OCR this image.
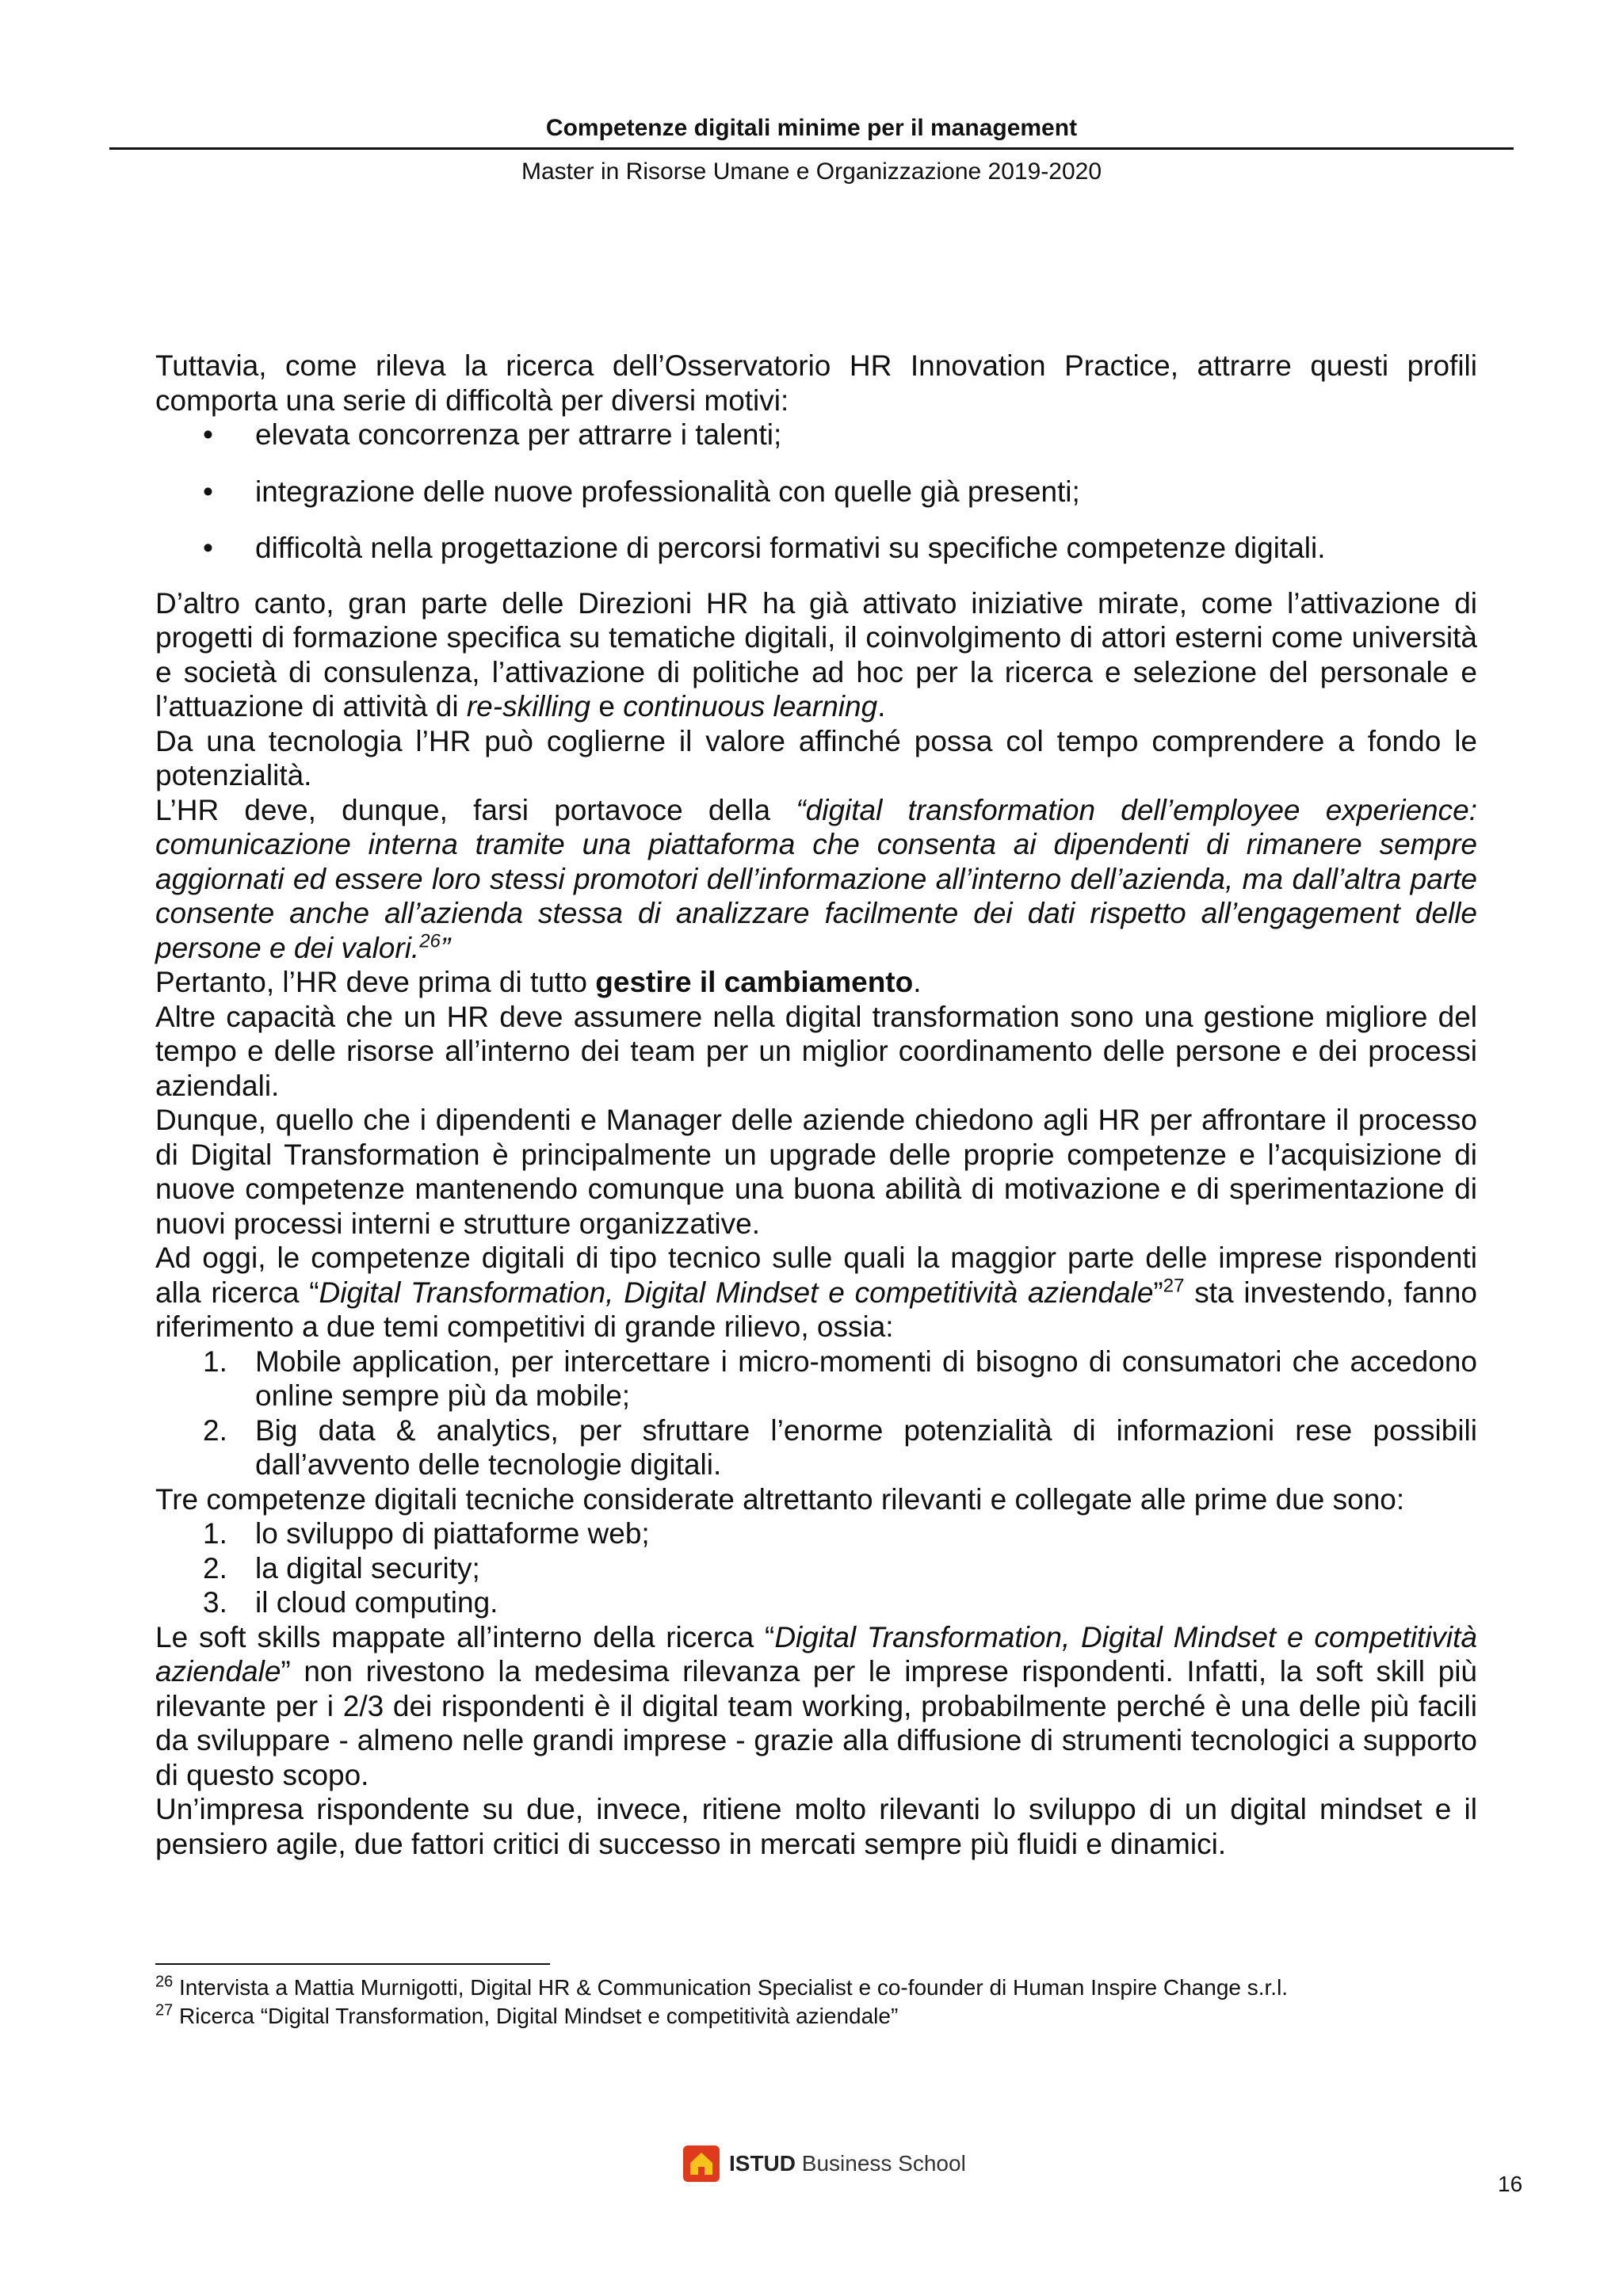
Competenze digitali minime per il management
Master in Risorse Umane e Organizzazione 2019-2020

Tuttavia, come rileva la ricerca dell’Osservatorio HR Innovation Practice, attrarre questi profili comporta una serie di difficoltà per diversi motivi:

• elevata concorrenza per attrarre i talenti;
• integrazione delle nuove professionalità con quelle già presenti;
• difficoltà nella progettazione di percorsi formativi su specifiche competenze digitali.

D’altro canto, gran parte delle Direzioni HR ha già attivato iniziative mirate, come l’attivazione di progetti di formazione specifica su tematiche digitali, il coinvolgimento di attori esterni come università e società di consulenza, l’attivazione di politiche ad hoc per la ricerca e selezione del personale e l’attuazione di attività di re-skilling e continuous learning.

Da una tecnologia l’HR può coglierne il valore affinché possa col tempo comprendere a fondo le potenzialità.

L’HR deve, dunque, farsi portavoce della “digital transformation dell’employee experience: comunicazione interna tramite una piattaforma che consenta ai dipendenti di rimanere sempre aggiornati ed essere loro stessi promotori dell’informazione all’interno dell’azienda, ma dall’altra parte consente anche all’azienda stessa di analizzare facilmente dei dati rispetto all’engagement delle persone e dei valori.$^{26}$”

Pertanto, l’HR deve prima di tutto gestire il cambiamento.

Altre capacità che un HR deve assumere nella digital transformation sono una gestione migliore del tempo e delle risorse all’interno dei team per un miglior coordinamento delle persone e dei processi aziendali.

Dunque, quello che i dipendenti e Manager delle aziende chiedono agli HR per affrontare il processo di Digital Transformation è principalmente un upgrade delle proprie competenze e l’acquisizione di nuove competenze mantenendo comunque una buona abilità di motivazione e di sperimentazione di nuovi processi interni e strutture organizzative.

Ad oggi, le competenze digitali di tipo tecnico sulle quali la maggior parte delle imprese rispondenti alla ricerca “Digital Transformation, Digital Mindset e competitività aziendale”$^{27}$ sta investendo, fanno riferimento a due temi competitivi di grande rilievo, ossia:

1. Mobile application, per intercettare i micro-momenti di bisogno di consumatori che accedono online sempre più da mobile;
2. Big data & analytics, per sfruttare l’enorme potenzialità di informazioni rese possibili dall’avvento delle tecnologie digitali.

Tre competenze digitali tecniche considerate altrettanto rilevanti e collegate alle prime due sono:

1. lo sviluppo di piattaforme web;
2. la digital security;
3. il cloud computing.

Le soft skills mappate all’interno della ricerca “Digital Transformation, Digital Mindset e competitività aziendale” non rivestono la medesima rilevanza per le imprese rispondenti. Infatti, la soft skill più rilevante per i 2/3 dei rispondenti è il digital team working, probabilmente perché è una delle più facili da sviluppare - almeno nelle grandi imprese - grazie alla diffusione di strumenti tecnologici a supporto di questo scopo.

Un’impresa rispondente su due, invece, ritiene molto rilevanti lo sviluppo di un digital mindset e il pensiero agile, due fattori critici di successo in mercati sempre più fluidi e dinamici.

$^{26}$ Intervista a Mattia Murnigotti, Digital HR & Communication Specialist e co-founder di Human Inspire Change s.r.l.
$^{27}$ Ricerca “Digital Transformation, Digital Mindset e competitività aziendale”
ISTUD Business School
16
